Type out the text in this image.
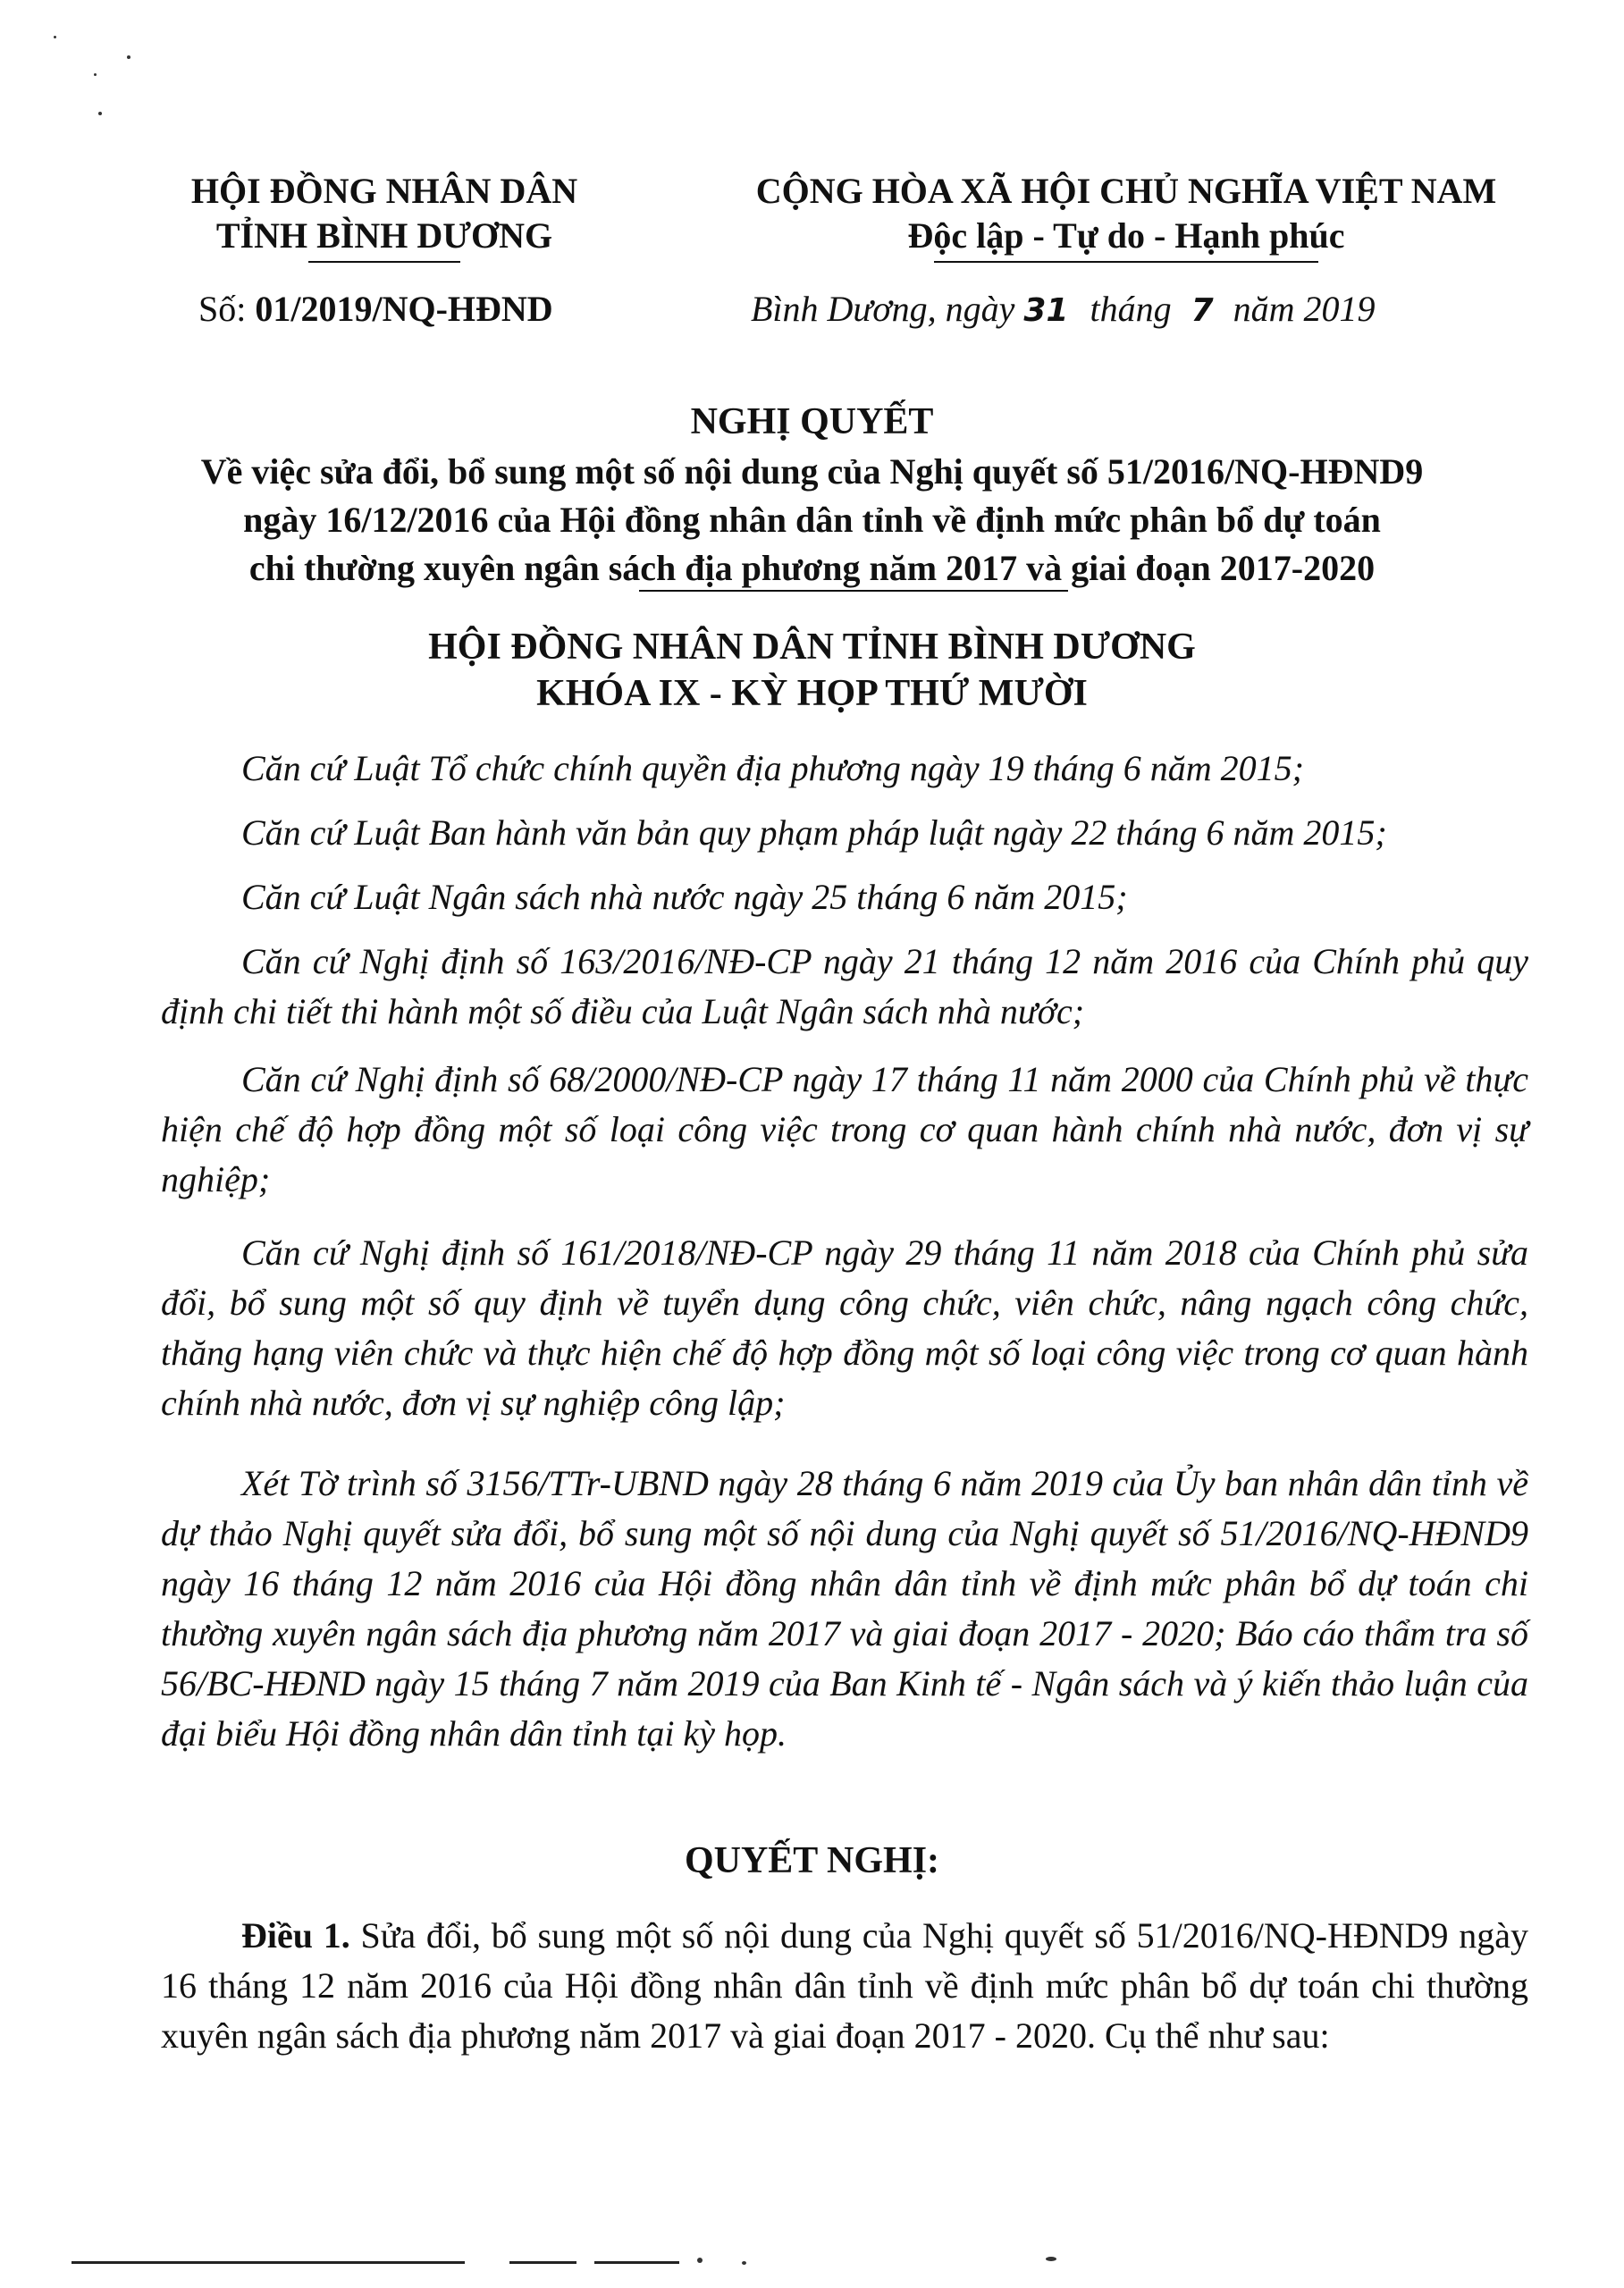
HỘI ĐỒNG NHÂN DÂN
TỈNH BÌNH DƯƠNG
CỘNG HÒA XÃ HỘI CHỦ NGHĨA VIỆT NAM
Độc lập - Tự do - Hạnh phúc
Số: 01/2019/NQ-HĐND	Bình Dương, ngày 31 tháng 7 năm 2019
NGHỊ QUYẾT
Về việc sửa đổi, bổ sung một số nội dung của Nghị quyết số 51/2016/NQ-HĐND9
ngày 16/12/2016 của Hội đồng nhân dân tỉnh về định mức phân bổ dự toán
chi thường xuyên ngân sách địa phương năm 2017 và giai đoạn 2017-2020
HỘI ĐỒNG NHÂN DÂN TỈNH BÌNH DƯƠNG
KHÓA IX - KỲ HỌP THỨ MƯỜI
Căn cứ Luật Tổ chức chính quyền địa phương ngày 19 tháng 6 năm 2015;
Căn cứ Luật Ban hành văn bản quy phạm pháp luật ngày 22 tháng 6 năm 2015;
Căn cứ Luật Ngân sách nhà nước ngày 25 tháng 6 năm 2015;
Căn cứ Nghị định số 163/2016/NĐ-CP ngày 21 tháng 12 năm 2016 của Chính phủ quy định chi tiết thi hành một số điều của Luật Ngân sách nhà nước;
Căn cứ Nghị định số 68/2000/NĐ-CP ngày 17 tháng 11 năm 2000 của Chính phủ về thực hiện chế độ hợp đồng một số loại công việc trong cơ quan hành chính nhà nước, đơn vị sự nghiệp;
Căn cứ Nghị định số 161/2018/NĐ-CP ngày 29 tháng 11 năm 2018 của Chính phủ sửa đổi, bổ sung một số quy định về tuyển dụng công chức, viên chức, nâng ngạch công chức, thăng hạng viên chức và thực hiện chế độ hợp đồng một số loại công việc trong cơ quan hành chính nhà nước, đơn vị sự nghiệp công lập;
Xét Tờ trình số 3156/TTr-UBND ngày 28 tháng 6 năm 2019 của Ủy ban nhân dân tỉnh về dự thảo Nghị quyết sửa đổi, bổ sung một số nội dung của Nghị quyết số 51/2016/NQ-HĐND9 ngày 16 tháng 12 năm 2016 của Hội đồng nhân dân tỉnh về định mức phân bổ dự toán chi thường xuyên ngân sách địa phương năm 2017 và giai đoạn 2017 - 2020; Báo cáo thẩm tra số 56/BC-HĐND ngày 15 tháng 7 năm 2019 của Ban Kinh tế - Ngân sách và ý kiến thảo luận của đại biểu Hội đồng nhân dân tỉnh tại kỳ họp.
QUYẾT NGHỊ:
Điều 1. Sửa đổi, bổ sung một số nội dung của Nghị quyết số 51/2016/NQ-HĐND9 ngày 16 tháng 12 năm 2016 của Hội đồng nhân dân tỉnh về định mức phân bổ dự toán chi thường xuyên ngân sách địa phương năm 2017 và giai đoạn 2017 - 2020. Cụ thể như sau:
